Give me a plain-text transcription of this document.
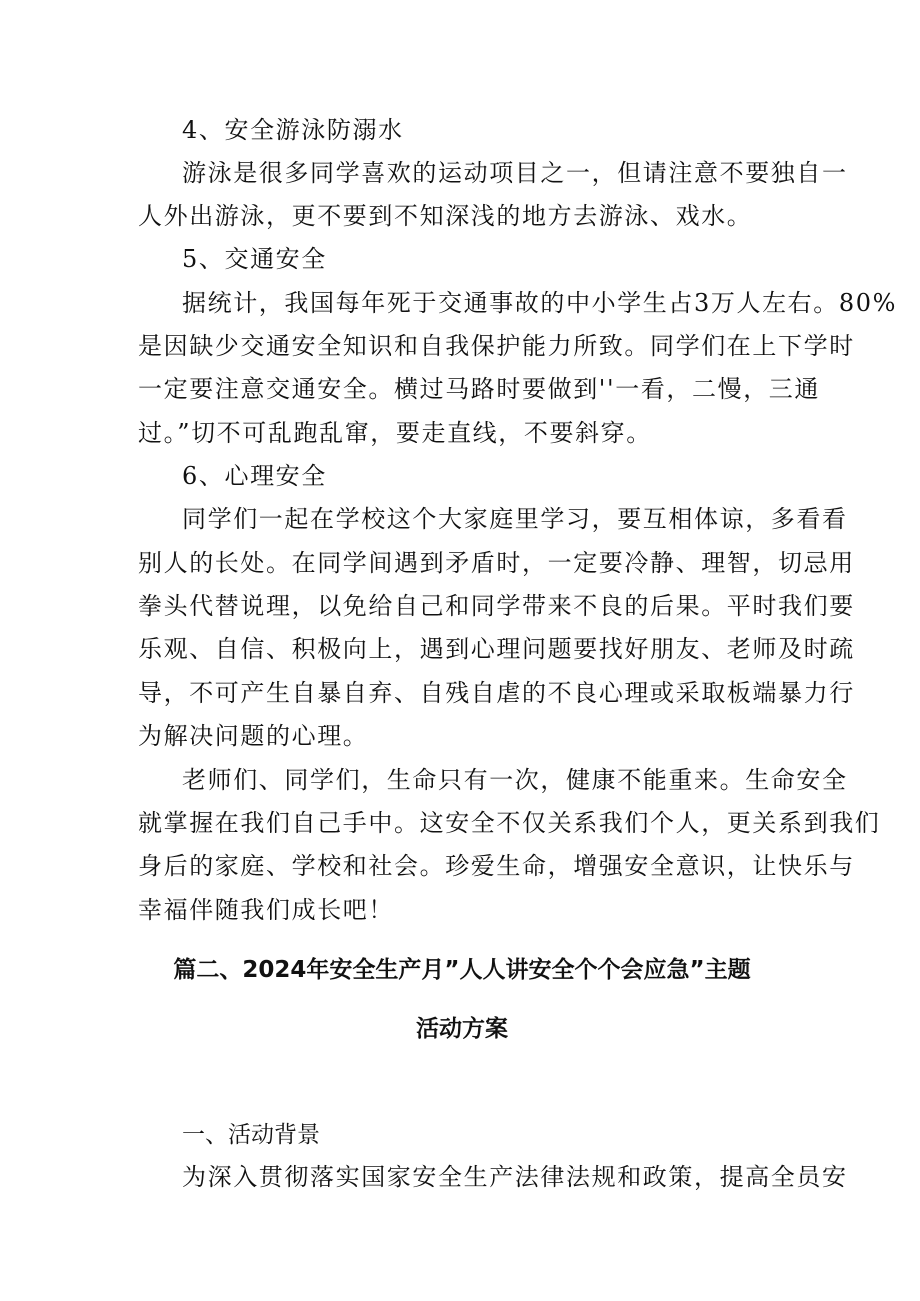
4、安全游泳防溺水
游泳是很多同学喜欢的运动项目之一，但请注意不要独自一
人外出游泳，更不要到不知深浅的地方去游泳、戏水。
5、交通安全
据统计，我国每年死于交通事故的中小学生占3万人左右。80%
是因缺少交通安全知识和自我保护能力所致。同学们在上下学时
一定要注意交通安全。横过马路时要做到''一看，二慢，三通
过。”切不可乱跑乱窜，要走直线，不要斜穿。
6、心理安全
同学们一起在学校这个大家庭里学习，要互相体谅，多看看
别人的长处。在同学间遇到矛盾时，一定要冷静、理智，切忌用
拳头代替说理，以免给自己和同学带来不良的后果。平时我们要
乐观、自信、积极向上，遇到心理问题要找好朋友、老师及时疏
导，不可产生自暴自弃、自残自虐的不良心理或采取板端暴力行
为解决问题的心理。
老师们、同学们，生命只有一次，健康不能重来。生命安全
就掌握在我们自己手中。这安全不仅关系我们个人，更关系到我们
身后的家庭、学校和社会。珍爱生命，增强安全意识，让快乐与
幸福伴随我们成长吧！
篇二、2024年安全生产月”人人讲安全个个会应急”主题
活动方案
一、活动背景
为深入贯彻落实国家安全生产法律法规和政策，提高全员安
